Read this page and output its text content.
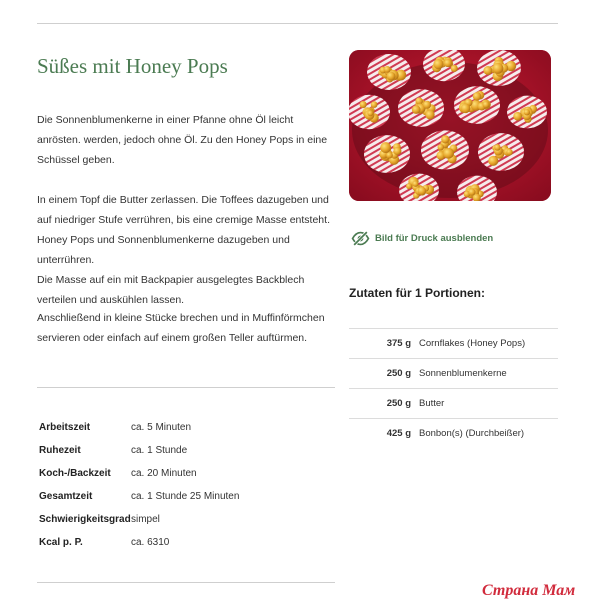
Süßes mit Honey Pops

Die Sonnenblumenkerne in einer Pfanne ohne Öl leicht anrösten. werden, jedoch ohne Öl. Zu den Honey Pops in eine Schüssel geben.

In einem Topf die Butter zerlassen. Die Toffees dazugeben und auf niedriger Stufe verrühren, bis eine cremige Masse entsteht. Honey Pops und Sonnenblumenkerne dazugeben und unterrühren.
Die Masse auf ein mit Backpapier ausgelegtes Backblech verteilen und auskühlen lassen.

Anschließend in kleine Stücke brechen und in Muffinförmchen servieren oder einfach auf einem großen Teller auftürmen.

Bild für Druck ausblenden
Zutaten für 1 Portionen:
375 g Cornflakes (Honey Pops)
250 g Sonnenblumenkerne
250 g Butter
425 g Bonbon(s) (Durchbeißer)
Arbeitszeit	ca. 5 Minuten
Ruhezeit	ca. 1 Stunde
Koch-/Backzeit	ca. 20 Minuten
Gesamtzeit	ca. 1 Stunde 25 Minuten
Schwierigkeitsgrad simpel
Kcal p. P.	ca. 6310
Страна Мам
